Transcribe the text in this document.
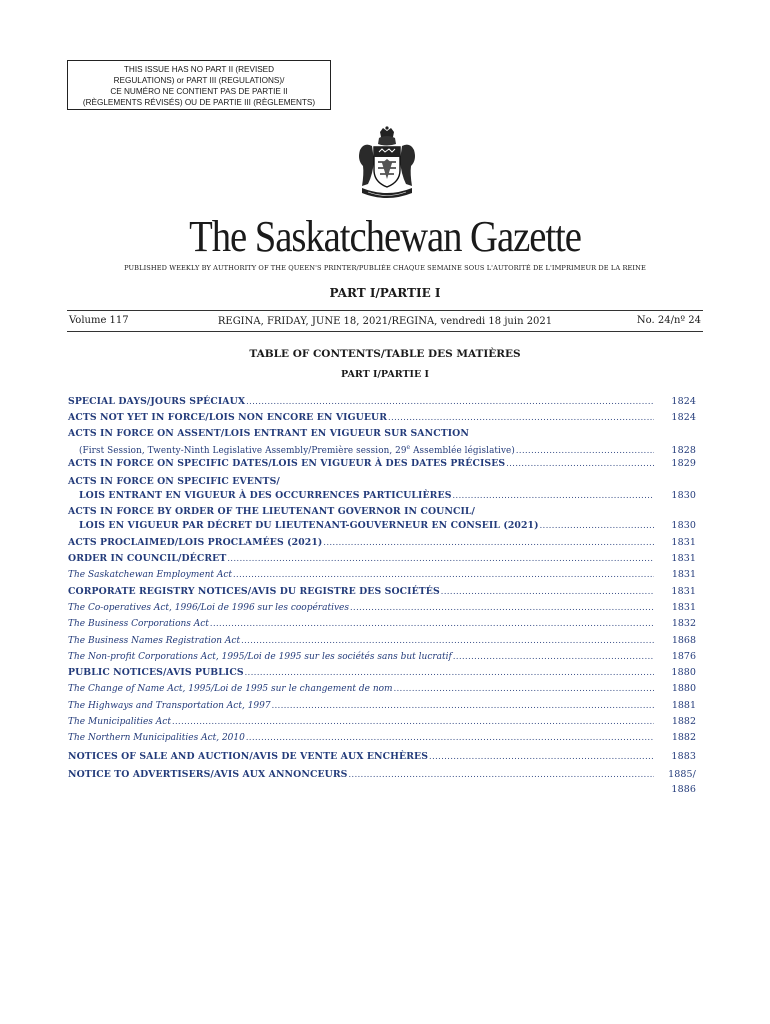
THIS ISSUE HAS NO PART II (REVISED
REGULATIONS) or PART III (REGULATIONS)/
CE NUMÉRO NE CONTIENT PAS DE PARTIE II
(RÈGLEMENTS RÉVISÉS) OU DE PARTIE III (RÈGLEMENTS)
The Saskatchewan Gazette
PUBLISHED WEEKLY BY AUTHORITY OF THE QUEEN'S PRINTER/PUBLIÉE CHAQUE SEMAINE SOUS L'AUTORITÉ DE L'IMPRIMEUR DE LA REINE
PART I/PARTIE I
Volume 117	REGINA, FRIDAY, JUNE 18, 2021/REGINA, vendredi 18 juin 2021	No. 24/nº 24
TABLE OF CONTENTS/TABLE DES MATIÈRES
PART I/PARTIE I
SPECIAL DAYS/JOURS SPÉCIAUX .....	1824
ACTS NOT YET IN FORCE/LOIS NON ENCORE EN VIGUEUR .....	1824
ACTS IN FORCE ON ASSENT/LOIS ENTRANT EN VIGUEUR SUR SANCTION
(First Session, Twenty-Ninth Legislative Assembly/Première session, 29e Assemblée législative) .....	1828
ACTS IN FORCE ON SPECIFIC DATES/LOIS EN VIGUEUR À DES DATES PRÉCISES .....	1829
ACTS IN FORCE ON SPECIFIC EVENTS/
LOIS ENTRANT EN VIGUEUR À DES OCCURRENCES PARTICULIÈRES .....	1830
ACTS IN FORCE BY ORDER OF THE LIEUTENANT GOVERNOR IN COUNCIL/
LOIS EN VIGUEUR PAR DÉCRET DU LIEUTENANT-GOUVERNEUR EN CONSEIL (2021) .....	1830
ACTS PROCLAIMED/LOIS PROCLAMÉES (2021) .....	1831
ORDER IN COUNCIL/DÉCRET .....	1831
The Saskatchewan Employment Act .....	1831
CORPORATE REGISTRY NOTICES/AVIS DU REGISTRE DES SOCIÉTÉS .....	1831
The Co-operatives Act, 1996/Loi de 1996 sur les coopératives .....	1831
The Business Corporations Act .....	1832
The Business Names Registration Act .....	1868
The Non-profit Corporations Act, 1995/Loi de 1995 sur les sociétés sans but lucratif .....	1876
PUBLIC NOTICES/AVIS PUBLICS .....	1880
The Change of Name Act, 1995/Loi de 1995 sur le changement de nom .....	1880
The Highways and Transportation Act, 1997 .....	1881
The Municipalities Act .....	1882
The Northern Municipalities Act, 2010 .....	1882
NOTICES OF SALE AND AUCTION/AVIS DE VENTE AUX ENCHÈRES .....	1883
NOTICE TO ADVERTISERS/AVIS AUX ANNONCEURS .....	1885/
1886
